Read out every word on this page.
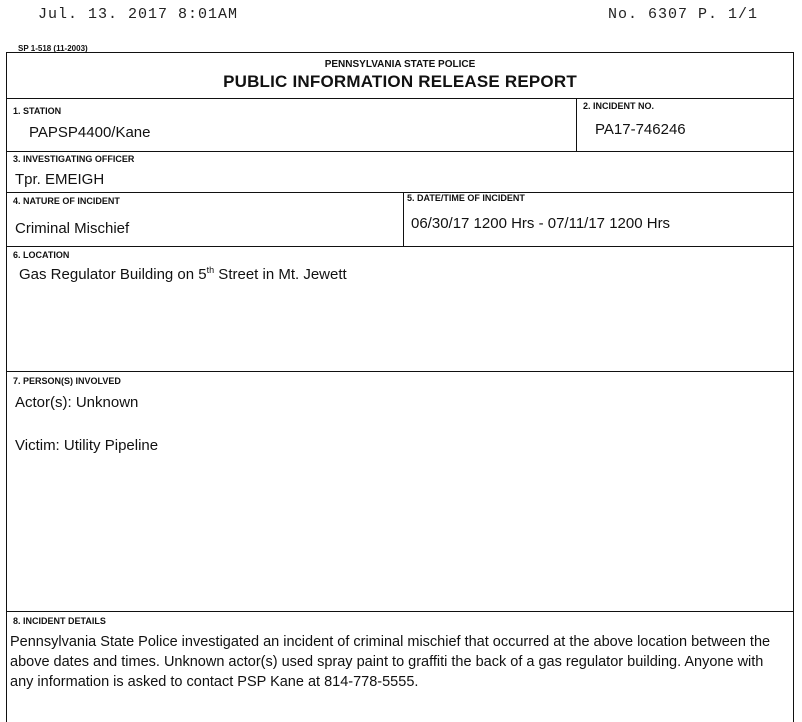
Jul. 13. 2017 8:01AM	No. 6307 P. 1/1
SP 1-518 (11-2003)
PENNSYLVANIA STATE POLICE
PUBLIC INFORMATION RELEASE REPORT
1. STATION
PAPSP4400/Kane
2. INCIDENT NO.
PA17-746246
3. INVESTIGATING OFFICER
Tpr. EMEIGH
4. NATURE OF INCIDENT
Criminal Mischief
5. DATE/TIME OF INCIDENT
06/30/17 1200 Hrs - 07/11/17 1200 Hrs
6. LOCATION
Gas Regulator Building on 5th Street in Mt. Jewett
7. PERSON(S) INVOLVED
Actor(s): Unknown
Victim: Utility Pipeline
8. INCIDENT DETAILS
Pennsylvania State Police investigated an incident of criminal mischief that occurred at the above location between the above dates and times. Unknown actor(s) used spray paint to graffiti the back of a gas regulator building. Anyone with any information is asked to contact PSP Kane at 814-778-5555.
